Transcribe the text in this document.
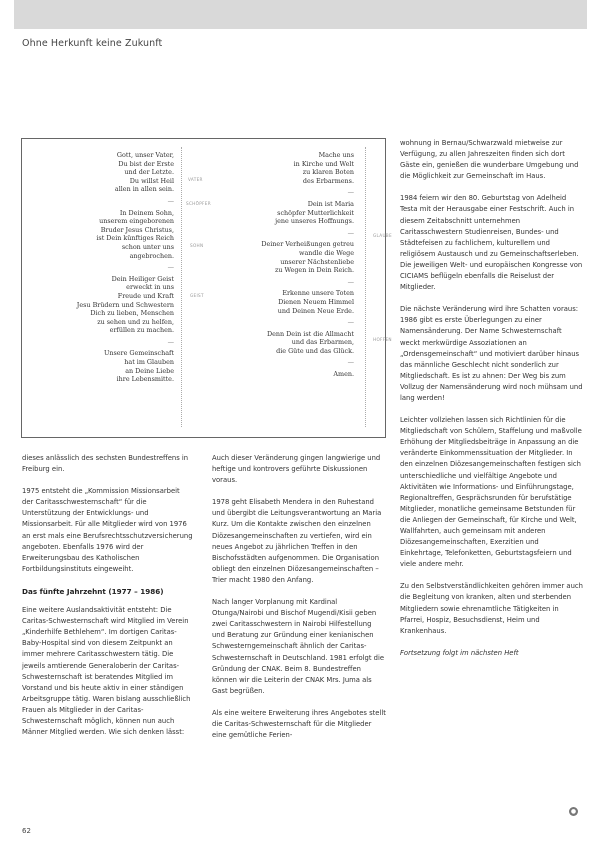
Ohne Herkunft keine Zukunft
Gott, unser Vater,
Du bist der Erste
und der Letzte.
Du willst Heil
allen in allen sein.
—
In Deinem Sohn,
unserem eingeborenen
Bruder Jesus Christus,
ist Dein künftiges Reich
schon unter uns
angebrochen.
—
Dein Heiliger Geist
erweckt in uns
Freude und Kraft
Jesu Brüdern und Schwestern
Dich zu lieben, Menschen
zu sehen und zu helfen,
erfüllen zu machen.
—
Unsere Gemeinschaft
hat im Glauben
an Deine Liebe
ihre Lebensmitte.
Mache uns
in Kirche und Welt
zu klaren Boten
des Erbarmens.
—
Dein ist Maria
schöpfer Mutterlichkeit
jene unseres Hoffnungs.
—
Deiner Verheißungen getreu
wandle die Wege
unserer Nächstenliebe
zu Wegen in Dein Reich.
—
Erkenne unsere Toten
Dienen Neuem Himmel
und Deinen Neue Erde.
—
Denn Dein ist die Allmacht
und das Erbarmen,
die Güte und das Glück.
—
Amen.
VATER
SCHÖPFER
SOHN
GEIST
GLAUBE
HOFFEN
dieses anlässlich des sechsten Bundestreffens in Freiburg ein.
1975 entsteht die „Kommission Missionsarbeit der Caritasschwesternschaft“ für die Unterstützung der Entwicklungs- und Missionsarbeit. Für alle Mitglieder wird von 1976 an erst mals eine Berufsrechtsschutzversicherung angeboten. Ebenfalls 1976 wird der Erweiterungsbau des Katholischen Fortbildungsinstituts eingeweiht.
Das fünfte Jahrzehnt (1977 – 1986)
Eine weitere Auslandsaktivität entsteht: Die Caritas-Schwesternschaft wird Mitglied im Verein „Kinderhilfe Bethlehem“. Im dortigen Caritas-Baby-Hospital sind von diesem Zeitpunkt an immer mehrere Caritasschwestern tätig. Die jeweils amtierende Generaloberin der Caritas-Schwesternschaft ist beratendes Mitglied im Vorstand und bis heute aktiv in einer ständigen Arbeitsgruppe tätig. Waren bislang ausschließlich Frauen als Mitglieder in der Caritas-Schwesternschaft möglich, können nun auch Männer Mitglied werden. Wie sich denken lässt:
Auch dieser Veränderung gingen langwierige und heftige und kontrovers geführte Diskussionen voraus.
1978 geht Elisabeth Mendera in den Ruhestand und übergibt die Leitungsverantwortung an Maria Kurz. Um die Kontakte zwischen den einzelnen Diözesangemeinschaften zu vertiefen, wird ein neues Angebot zu jährlichen Treffen in den Bischofsstädten aufgenommen. Die Organisation obliegt den einzelnen Diözesangemeinschaften – Trier macht 1980 den Anfang.
Nach langer Vorplanung mit Kardinal Otunga/Nairobi und Bischof Mugendi/Kisii geben zwei Caritasschwestern in Nairobi Hilfestellung und Beratung zur Gründung einer kenianischen Schwesterngemeinschaft ähnlich der Caritas-Schwesternschaft in Deutschland. 1981 erfolgt die Gründung der CNAK. Beim 8. Bundestreffen können wir die Leiterin der CNAK Mrs. Juma als Gast begrüßen.
Als eine weitere Erweiterung ihres Angebotes stellt die Caritas-Schwesternschaft für die Mitglieder eine gemütliche Ferien-
wohnung in Bernau/Schwarzwald mietweise zur Verfügung, zu allen Jahreszeiten finden sich dort Gäste ein, genießen die wunderbare Umgebung und die Möglichkeit zur Gemeinschaft im Haus.
1984 feiern wir den 80. Geburtstag von Adelheid Testa mit der Herausgabe einer Festschrift. Auch in diesem Zeitabschnitt unternehmen Caritasschwestern Studienreisen, Bundes- und Städtefeisen zu fachlichem, kulturellem und religiösem Austausch und zu Gemeinschaftserleben. Die jeweiligen Welt- und europäischen Kongresse von CICIAMS beflügeln ebenfalls die Reiselust der Mitglieder.
Die nächste Veränderung wird ihre Schatten voraus: 1986 gibt es erste Überlegungen zu einer Namensänderung. Der Name Schwesternschaft weckt merkwürdige Assoziationen an „Ordensgemeinschaft“ und motiviert darüber hinaus das männliche Geschlecht nicht sonderlich zur Mitgliedschaft. Es ist zu ahnen: Der Weg bis zum Vollzug der Namensänderung wird noch mühsam und lang werden!
Leichter vollziehen lassen sich Richtlinien für die Mitgliedschaft von Schülern, Staffelung und maßvolle Erhöhung der Mitgliedsbeiträge in Anpassung an die veränderte Einkommenssituation der Mitglieder. In den einzelnen Diözesangemeinschaften festigen sich unterschiedliche und vielfältige Angebote und Aktivitäten wie Informations- und Einführungstage, Regionaltreffen, Gesprächsrunden für berufstätige Mitglieder, monatliche gemeinsame Betstunden für die Anliegen der Gemeinschaft, für Kirche und Welt, Wallfahrten, auch gemeinsam mit anderen Diözesangemeinschaften, Exerzitien und Einkehrtage, Telefonketten, Geburtstagsfeiern und viele andere mehr.
Zu den Selbstverständlichkeiten gehören immer auch die Begleitung von kranken, alten und sterbenden Mitgliedern sowie ehrenamtliche Tätigkeiten in Pfarrei, Hospiz, Besuchsdienst, Heim und Krankenhaus.
Fortsetzung folgt im nächsten Heft
●
62
